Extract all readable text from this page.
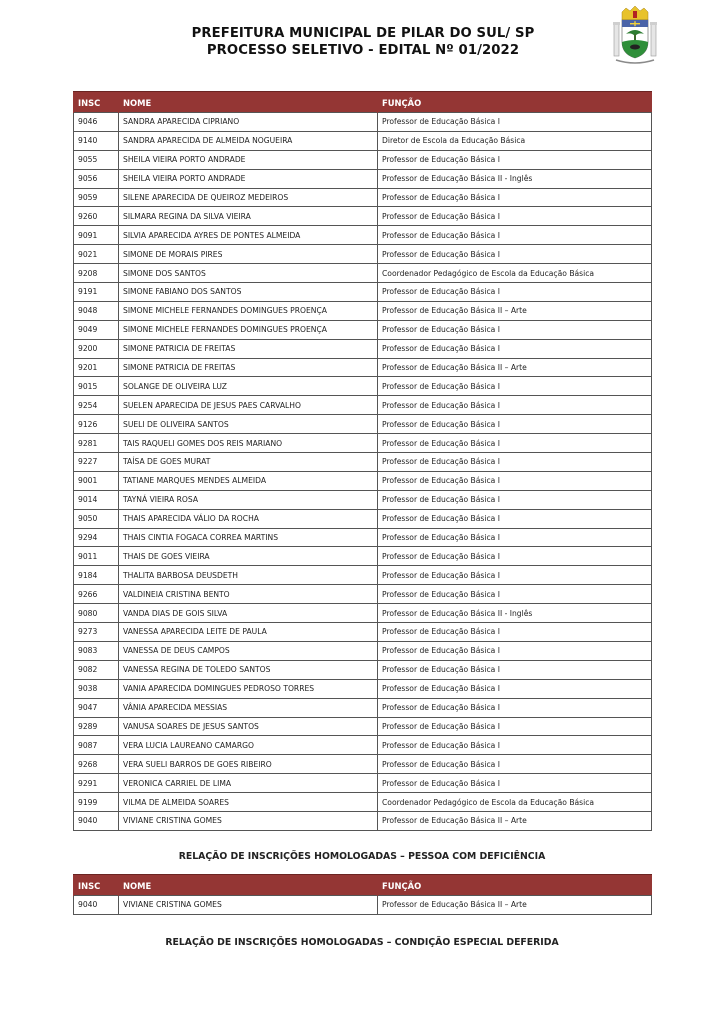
PREFEITURA MUNICIPAL DE PILAR DO SUL/ SP
PROCESSO SELETIVO - EDITAL Nº 01/2022
INSC	NOME	FUNÇÃO
9046	SANDRA APARECIDA CIPRIANO	Professor de Educação Básica I
9140	SANDRA APARECIDA DE ALMEIDA NOGUEIRA	Diretor de Escola da Educação Básica
9055	SHEILA VIEIRA PORTO ANDRADE	Professor de Educação Básica I
9056	SHEILA VIEIRA PORTO ANDRADE	Professor de Educação Básica II - Inglês
9059	SILENE APARECIDA DE QUEIROZ MEDEIROS	Professor de Educação Básica I
9260	SILMARA REGINA DA SILVA VIEIRA	Professor de Educação Básica I
9091	SILVIA APARECIDA AYRES DE PONTES ALMEIDA	Professor de Educação Básica I
9021	SIMONE DE MORAIS PIRES	Professor de Educação Básica I
9208	SIMONE DOS SANTOS	Coordenador Pedagógico de Escola da Educação Básica
9191	SIMONE FABIANO DOS SANTOS	Professor de Educação Básica I
9048	SIMONE MICHELE FERNANDES DOMINGUES PROENÇA	Professor de Educação Básica II – Arte
9049	SIMONE MICHELE FERNANDES DOMINGUES PROENÇA	Professor de Educação Básica I
9200	SIMONE PATRICIA DE FREITAS	Professor de Educação Básica I
9201	SIMONE PATRICIA DE FREITAS	Professor de Educação Básica II – Arte
9015	SOLANGE DE OLIVEIRA LUZ	Professor de Educação Básica I
9254	SUELEN APARECIDA DE JESUS PAES CARVALHO	Professor de Educação Básica I
9126	SUELI DE OLIVEIRA SANTOS	Professor de Educação Básica I
9281	TAIS RAQUELI GOMES DOS REIS MARIANO	Professor de Educação Básica I
9227	TAÍSA DE GOES MURAT	Professor de Educação Básica I
9001	TATIANE MARQUES MENDES ALMEIDA	Professor de Educação Básica I
9014	TAYNÁ VIEIRA ROSA	Professor de Educação Básica I
9050	THAIS APARECIDA VÁLIO DA ROCHA	Professor de Educação Básica I
9294	THAIS CINTIA FOGACA CORREA MARTINS	Professor de Educação Básica I
9011	THAIS DE GOES VIEIRA	Professor de Educação Básica I
9184	THALITA BARBOSA DEUSDETH	Professor de Educação Básica I
9266	VALDINEIA CRISTINA BENTO	Professor de Educação Básica I
9080	VANDA DIAS DE GOIS SILVA	Professor de Educação Básica II - Inglês
9273	VANESSA APARECIDA LEITE DE PAULA	Professor de Educação Básica I
9083	VANESSA DE DEUS CAMPOS	Professor de Educação Básica I
9082	VANESSA REGINA DE TOLEDO SANTOS	Professor de Educação Básica I
9038	VANIA APARECIDA DOMINGUES PEDROSO TORRES	Professor de Educação Básica I
9047	VÂNIA APARECIDA MESSIAS	Professor de Educação Básica I
9289	VANUSA SOARES DE JESUS SANTOS	Professor de Educação Básica I
9087	VERA LUCIA LAUREANO CAMARGO	Professor de Educação Básica I
9268	VERA SUELI BARROS DE GOES RIBEIRO	Professor de Educação Básica I
9291	VERONICA CARRIEL DE LIMA	Professor de Educação Básica I
9199	VILMA DE ALMEIDA SOARES	Coordenador Pedagógico de Escola da Educação Básica
9040	VIVIANE CRISTINA GOMES	Professor de Educação Básica II – Arte
RELAÇÃO DE INSCRIÇÕES HOMOLOGADAS – PESSOA COM DEFICIÊNCIA
INSC	NOME	FUNÇÃO
9040	VIVIANE CRISTINA GOMES	Professor de Educação Básica II – Arte
RELAÇÃO DE INSCRIÇÕES HOMOLOGADAS – CONDIÇÃO ESPECIAL DEFERIDA
